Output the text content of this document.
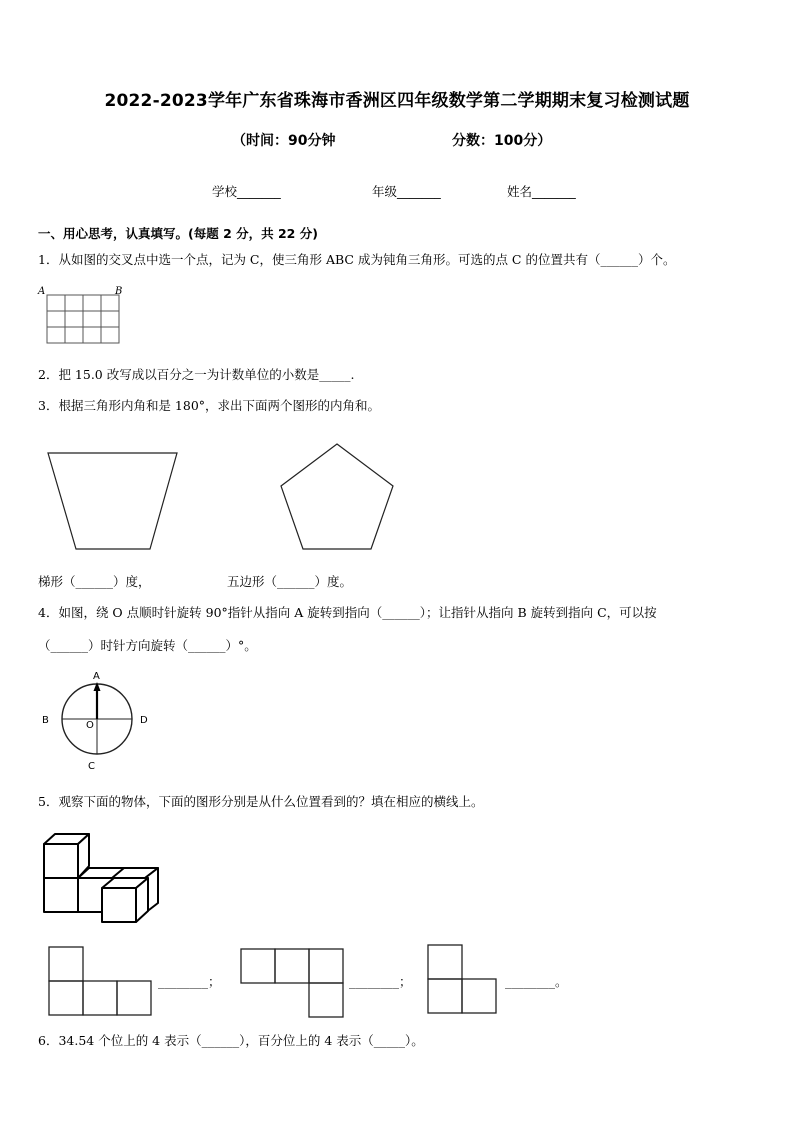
2022-2023学年广东省珠海市香洲区四年级数学第二学期期末复习检测试题
（时间：90分钟	分数：100分）
学校_______	年级_______	姓名_______
一、用心思考，认真填写。(每题 2 分，共 22 分)
1．从如图的交叉点中选一个点，记为 C，使三角形 ABC 成为钝角三角形。可选的点 C 的位置共有（______）个。
A	B
2．把 15.0 改写成以百分之一为计数单位的小数是_____.
3．根据三角形内角和是 180°，求出下面两个图形的内角和。
梯形（______）度，	五边形（______）度。
4．如图，绕 O 点顺时针旋转 90°指针从指向 A 旋转到指向（______）；让指针从指向 B 旋转到指向 C，可以按
（______）时针方向旋转（______）°。
A
B	D
C
O
5．观察下面的物体，下面的图形分别是从什么位置看到的？填在相应的横线上。
________；	________；	________。
6．34.54 个位上的 4 表示（______），百分位上的 4 表示（_____）。
